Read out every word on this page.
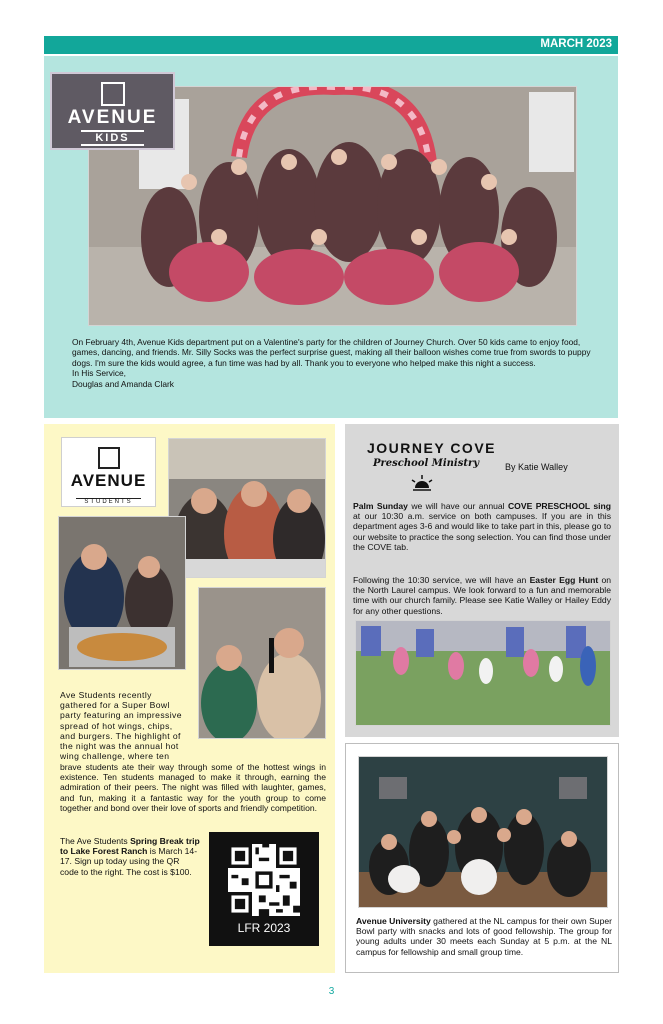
MARCH 2023
AVENUE
KIDS

On February 4th, Avenue Kids department put on a Valentine's party for the children of Journey Church. Over 50 kids came to enjoy food, games, dancing, and friends. Mr. Silly Socks was the perfect surprise guest, making all their balloon wishes come true from swords to puppy dogs. I'm sure the kids would agree, a fun time was had by all. Thank you to everyone who helped make this night a success.

In His Service,

Douglas and Amanda Clark

AVENUE
STUDENTS
Ave Students recently gathered for a Super Bowl party featuring an impressive spread of hot wings, chips, and burgers. The highlight of the night was the annual hot wing challenge, where ten
brave students ate their way through some of the hottest wings in existence. Ten students managed to make it through, earning the admiration of their peers. The night was filled with laughter, games, and fun, making it a fantastic way for the youth group to come together and bond over their love of sports and friendly competition.
The Ave Students Spring Break trip to Lake Forest Ranch is March 14-17. Sign up today using the QR code to the right. The cost is $100.
LFR 2023
JOURNEY COVE
Preschool Ministry	By Katie Walley
Palm Sunday we will have our annual COVE PRESCHOOL sing at our 10:30 a.m. service on both campuses. If you are in this department ages 3-6 and would like to take part in this, please go to our website to practice the song selection. You can find those under the COVE tab.
Following the 10:30 service, we will have an Easter Egg Hunt on the North Laurel campus. We look forward to a fun and memorable time with our church family. Please see Katie Walley or Hailey Eddy for any other questions.
Avenue University gathered at the NL campus for their own Super Bowl party with snacks and lots of good fellowship. The group for young adults under 30 meets each Sunday at 5 p.m. at the NL campus for fellowship and small group time.
3
